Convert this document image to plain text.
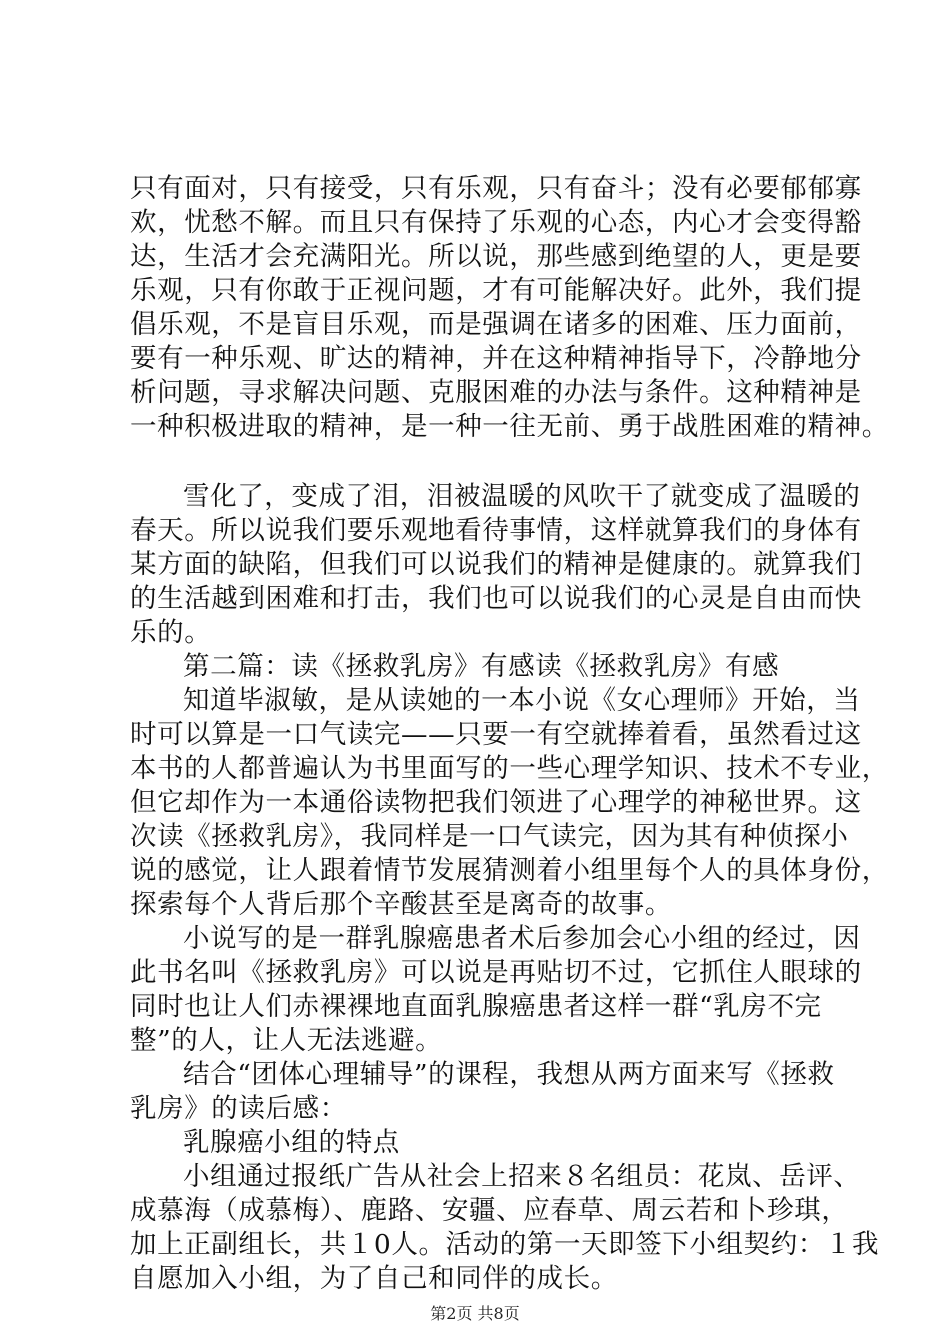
只有面对，只有接受，只有乐观，只有奋斗；没有必要郁郁寡
欢，忧愁不解。而且只有保持了乐观的心态，内心才会变得豁
达，生活才会充满阳光。所以说，那些感到绝望的人，更是要
乐观，只有你敢于正视问题，才有可能解决好。此外，我们提
倡乐观，不是盲目乐观，而是强调在诸多的困难、压力面前，
要有一种乐观、旷达的精神，并在这种精神指导下，冷静地分
析问题，寻求解决问题、克服困难的办法与条件。这种精神是
一种积极进取的精神，是一种一往无前、勇于战胜困难的精神。
雪化了，变成了泪，泪被温暖的风吹干了就变成了温暖的
春天。所以说我们要乐观地看待事情，这样就算我们的身体有
某方面的缺陷，但我们可以说我们的精神是健康的。就算我们
的生活越到困难和打击，我们也可以说我们的心灵是自由而快
乐的。
第二篇：读《拯救乳房》有感读《拯救乳房》有感
知道毕淑敏，是从读她的一本小说《女心理师》开始，当
时可以算是一口气读完——只要一有空就捧着看，虽然看过这
本书的人都普遍认为书里面写的一些心理学知识、技术不专业，
但它却作为一本通俗读物把我们领进了心理学的神秘世界。这
次读《拯救乳房》，我同样是一口气读完，因为其有种侦探小
说的感觉，让人跟着情节发展猜测着小组里每个人的具体身份，
探索每个人背后那个辛酸甚至是离奇的故事。
小说写的是一群乳腺癌患者术后参加会心小组的经过，因
此书名叫《拯救乳房》可以说是再贴切不过，它抓住人眼球的
同时也让人们赤裸裸地直面乳腺癌患者这样一群“乳房不完
整”的人，让人无法逃避。
结合“团体心理辅导”的课程，我想从两方面来写《拯救
乳房》的读后感：
乳腺癌小组的特点
小组通过报纸广告从社会上招来８名组员：花岚、岳评、
成慕海（成慕梅）、鹿路、安疆、应春草、周云若和卜珍琪，
加上正副组长，共１0人。活动的第一天即签下小组契约：１我
自愿加入小组，为了自己和同伴的成长。
第2页 共8页
